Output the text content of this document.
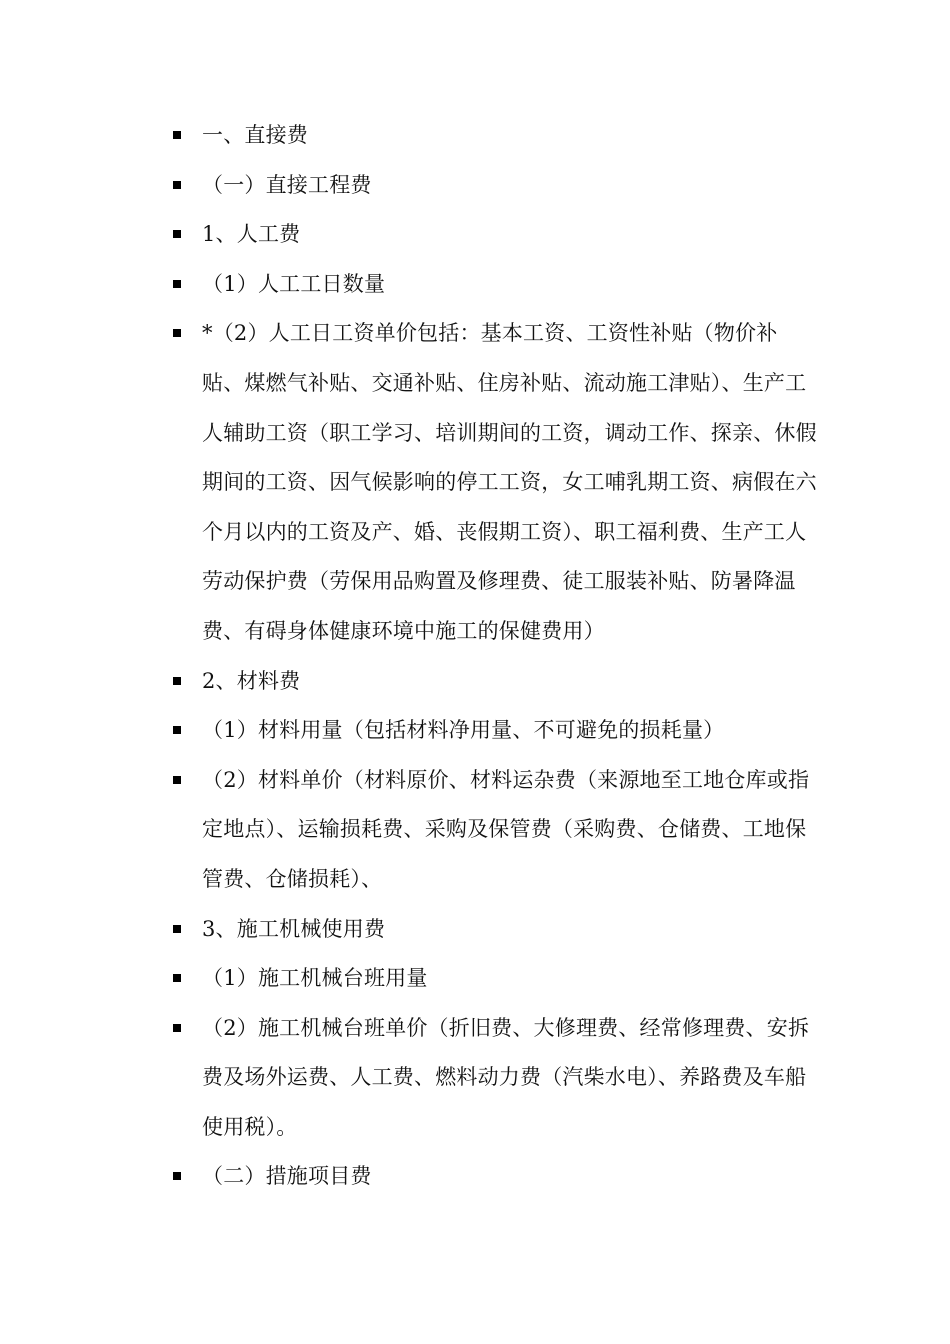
一、直接费
（一）直接工程费
1、人工费
（1）人工工日数量
*（2）人工日工资单价包括：基本工资、工资性补贴（物价补贴、煤燃气补贴、交通补贴、住房补贴、流动施工津贴）、生产工人辅助工资（职工学习、培训期间的工资，调动工作、探亲、休假期间的工资、因气候影响的停工工资，女工哺乳期工资、病假在六个月以内的工资及产、婚、丧假期工资）、职工福利费、生产工人劳动保护费（劳保用品购置及修理费、徒工服装补贴、防暑降温费、有碍身体健康环境中施工的保健费用）
2、材料费
（1）材料用量（包括材料净用量、不可避免的损耗量）
（2）材料单价（材料原价、材料运杂费（来源地至工地仓库或指定地点）、运输损耗费、采购及保管费（采购费、仓储费、工地保管费、仓储损耗）、
3、施工机械使用费
（1）施工机械台班用量
（2）施工机械台班单价（折旧费、大修理费、经常修理费、安拆费及场外运费、人工费、燃料动力费（汽柴水电）、养路费及车船使用税）。
（二）措施项目费
